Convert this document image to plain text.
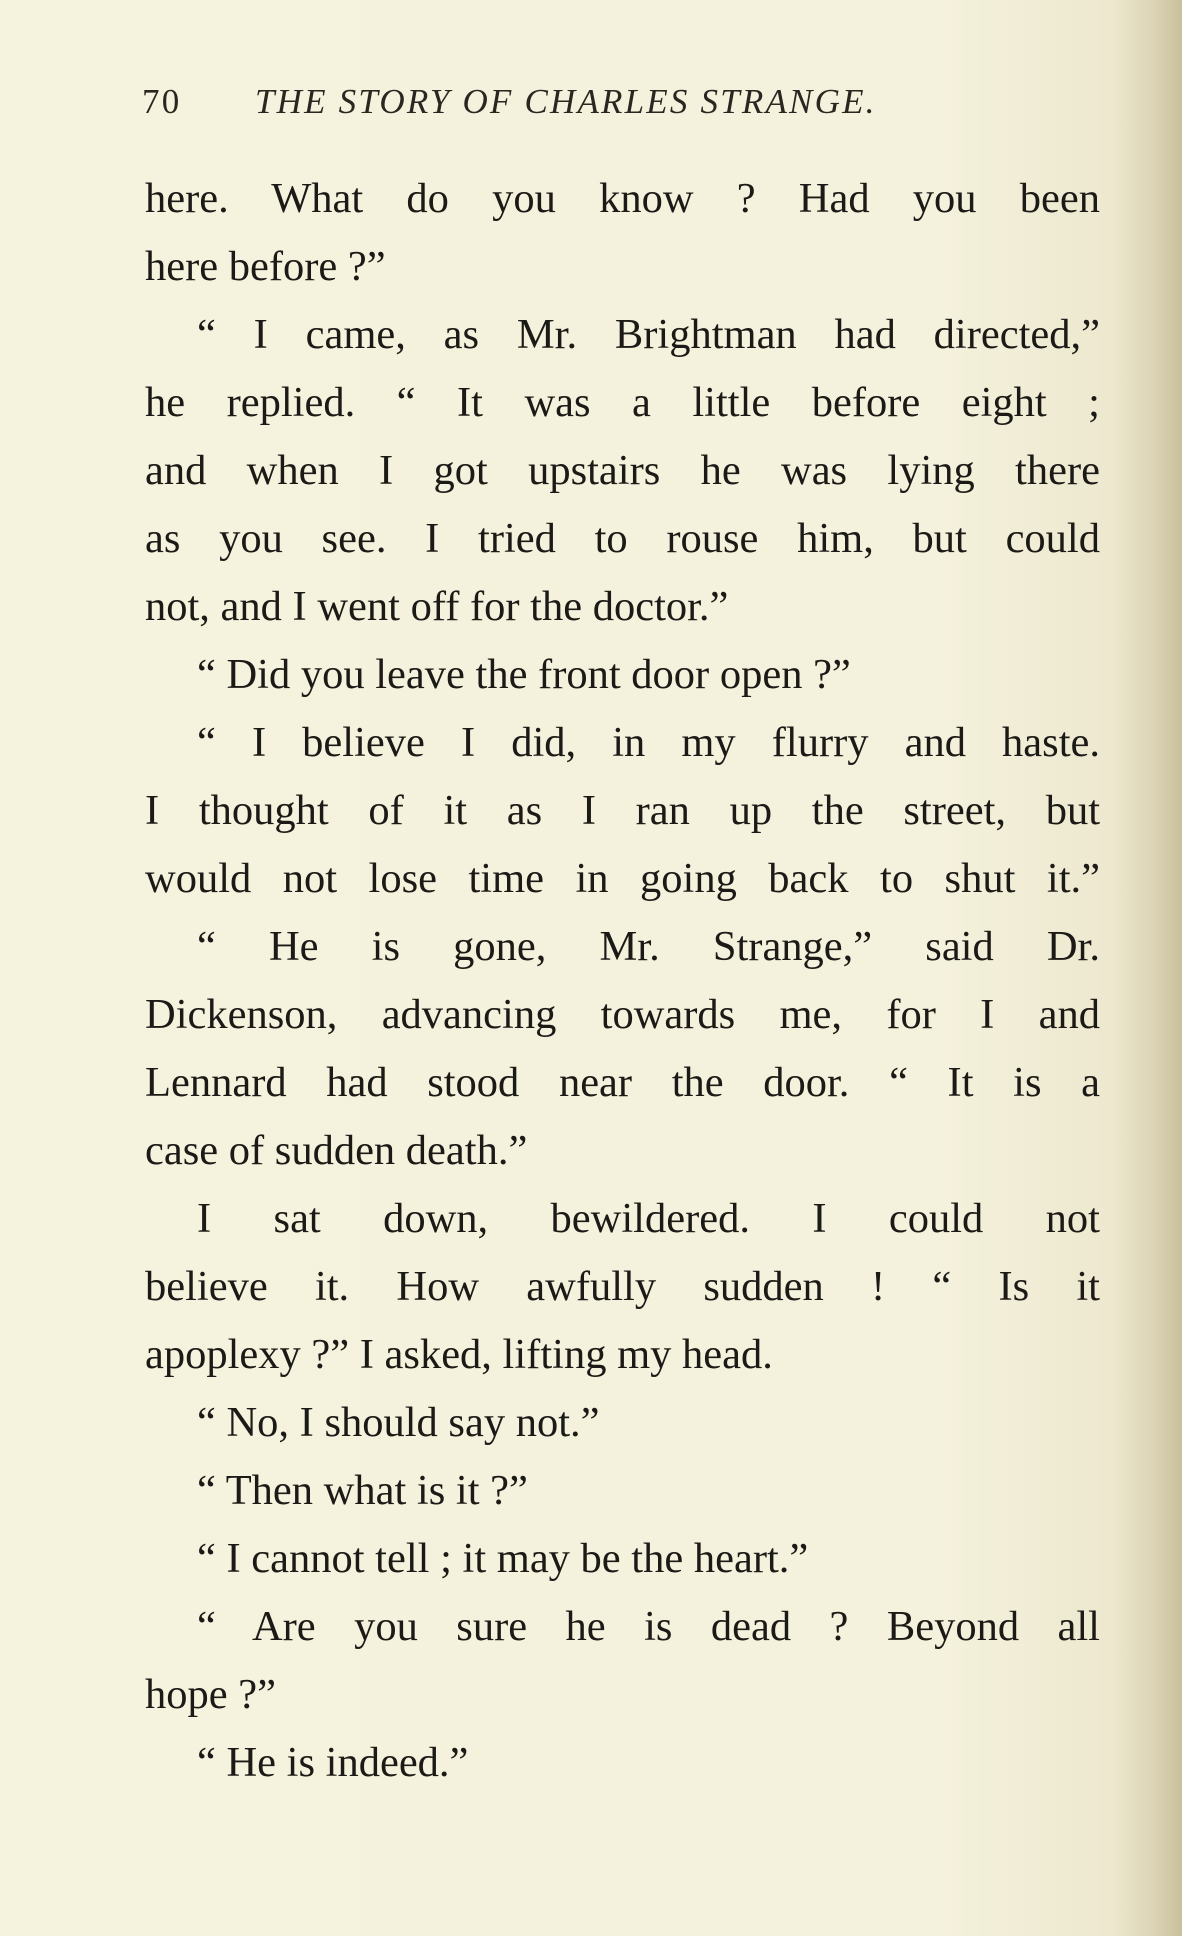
70 THE STORY OF CHARLES STRANGE.
here. What do you know ? Had you been
here before ?”
“ I came, as Mr. Brightman had directed,”
he replied. “ It was a little before eight ;
and when I got upstairs he was lying there
as you see. I tried to rouse him, but could
not, and I went off for the doctor.”
“ Did you leave the front door open ?”
“ I believe I did, in my flurry and haste.
I thought of it as I ran up the street, but
would not lose time in going back to shut it.”
“ He is gone, Mr. Strange,” said Dr.
Dickenson, advancing towards me, for I and
Lennard had stood near the door. “ It is a
case of sudden death.”
I sat down, bewildered. I could not
believe it. How awfully sudden ! “ Is it
apoplexy ?” I asked, lifting my head.
“ No, I should say not.”
“ Then what is it ?”
“ I cannot tell ; it may be the heart.”
“ Are you sure he is dead ? Beyond all
hope ?”
“ He is indeed.”
